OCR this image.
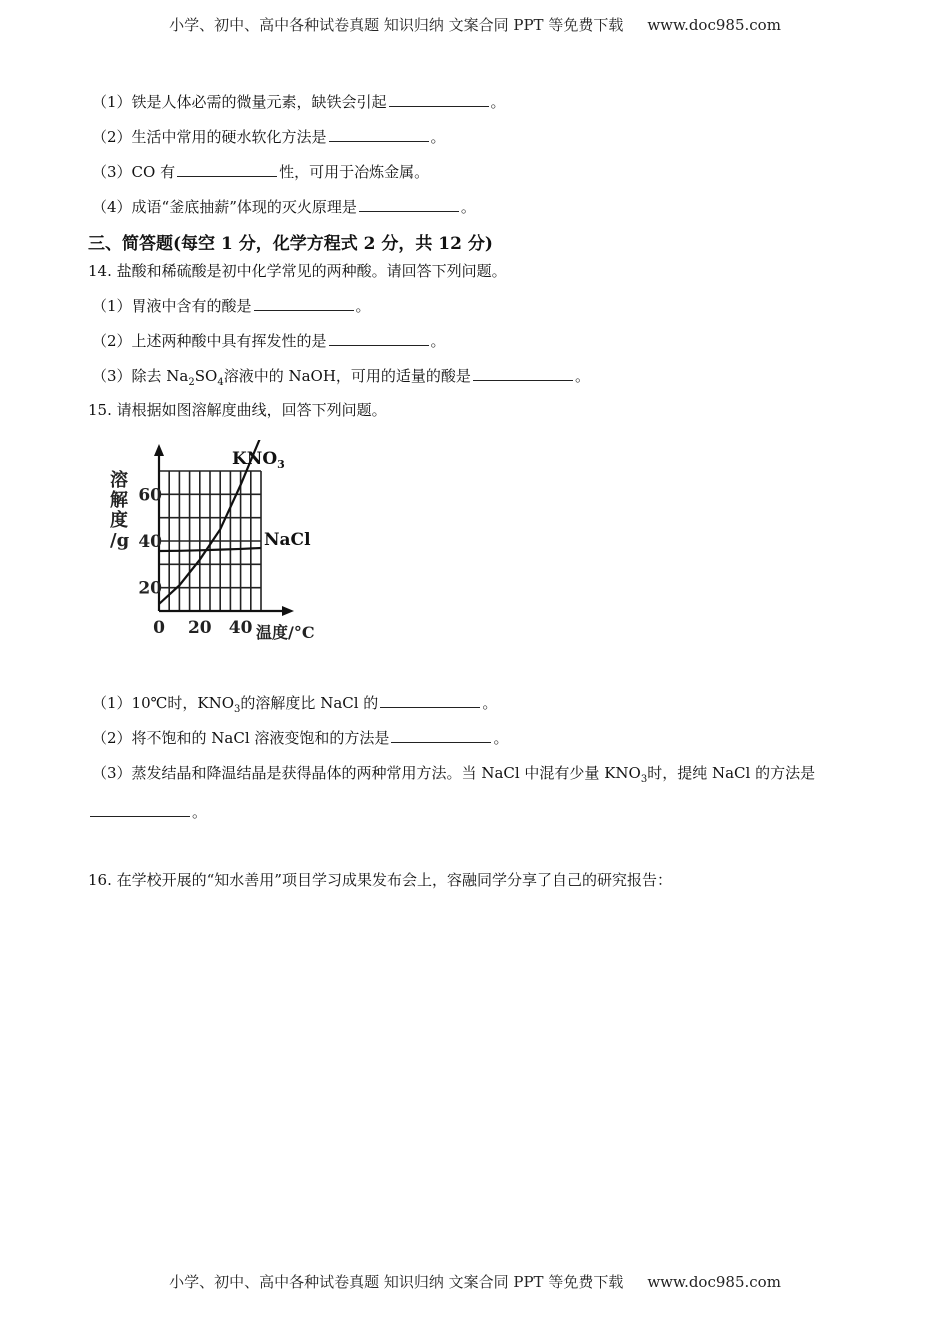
小学、初中、高中各种试卷真题 知识归纳 文案合同 PPT 等免费下载 www.doc985.com
（1）铁是人体必需的微量元素，缺铁会引起	。
（2）生活中常用的硬水软化方法是	。
（3）CO 有	性，可用于冶炼金属。
（4）成语“釜底抽薪”体现的灭火原理是	。
三、简答题(每空 1 分，化学方程式 2 分，共 12 分)
14. 盐酸和稀硫酸是初中化学常见的两种酸。请回答下列问题。
（1）胃液中含有的酸是	。
（2）上述两种酸中具有挥发性的是	。
（3）除去 $Na_2SO_4$溶液中的 NaOH，可用的适量的酸是	。
15. 请根据如图溶解度曲线，回答下列问题。
0 20 40
20
40
60
溶
解
度
/g
温度/°C
$KNO_3$
NaCl
（1）10℃时，$KNO_3$的溶解度比 NaCl 的	。
（2）将不饱和的 NaCl 溶液变饱和的方法是	。
（3）蒸发结晶和降温结晶是获得晶体的两种常用方法。当 NaCl 中混有少量 $KNO_3$时，提纯 NaCl 的方法是
。
16. 在学校开展的“知水善用”项目学习成果发布会上，容融同学分享了自己的研究报告：
小学、初中、高中各种试卷真题 知识归纳 文案合同 PPT 等免费下载 www.doc985.com
